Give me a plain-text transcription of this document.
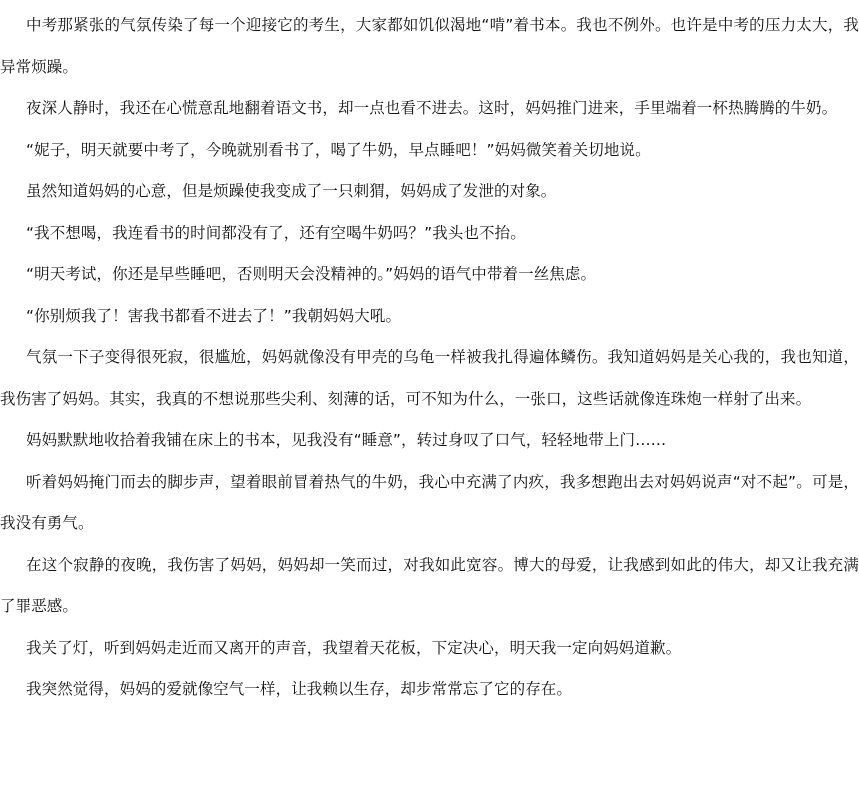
中考那紧张的气氛传染了每一个迎接它的考生，大家都如饥似渴地“啃”着书本。我也不例外。也许是中考的压力太大，我异常烦躁。

夜深人静时，我还在心慌意乱地翻着语文书，却一点也看不进去。这时，妈妈推门进来，手里端着一杯热腾腾的牛奶。

“妮子，明天就要中考了，今晚就别看书了，喝了牛奶，早点睡吧！”妈妈微笑着关切地说。

虽然知道妈妈的心意，但是烦躁使我变成了一只刺猬，妈妈成了发泄的对象。

“我不想喝，我连看书的时间都没有了，还有空喝牛奶吗？”我头也不抬。

“明天考试，你还是早些睡吧，否则明天会没精神的。”妈妈的语气中带着一丝焦虑。

“你别烦我了！害我书都看不进去了！”我朝妈妈大吼。

气氛一下子变得很死寂，很尴尬，妈妈就像没有甲壳的乌龟一样被我扎得遍体鳞伤。我知道妈妈是关心我的，我也知道，我伤害了妈妈。其实，我真的不想说那些尖利、刻薄的话，可不知为什么，一张口，这些话就像连珠炮一样射了出来。

妈妈默默地收拾着我铺在床上的书本，见我没有“睡意”，转过身叹了口气，轻轻地带上门……

听着妈妈掩门而去的脚步声，望着眼前冒着热气的牛奶，我心中充满了内疚，我多想跑出去对妈妈说声“对不起”。可是，我没有勇气。

在这个寂静的夜晚，我伤害了妈妈，妈妈却一笑而过，对我如此宽容。博大的母爱，让我感到如此的伟大，却又让我充满了罪恶感。

我关了灯，听到妈妈走近而又离开的声音，我望着天花板，下定决心，明天我一定向妈妈道歉。

我突然觉得，妈妈的爱就像空气一样，让我赖以生存，却步常常忘了它的存在。
